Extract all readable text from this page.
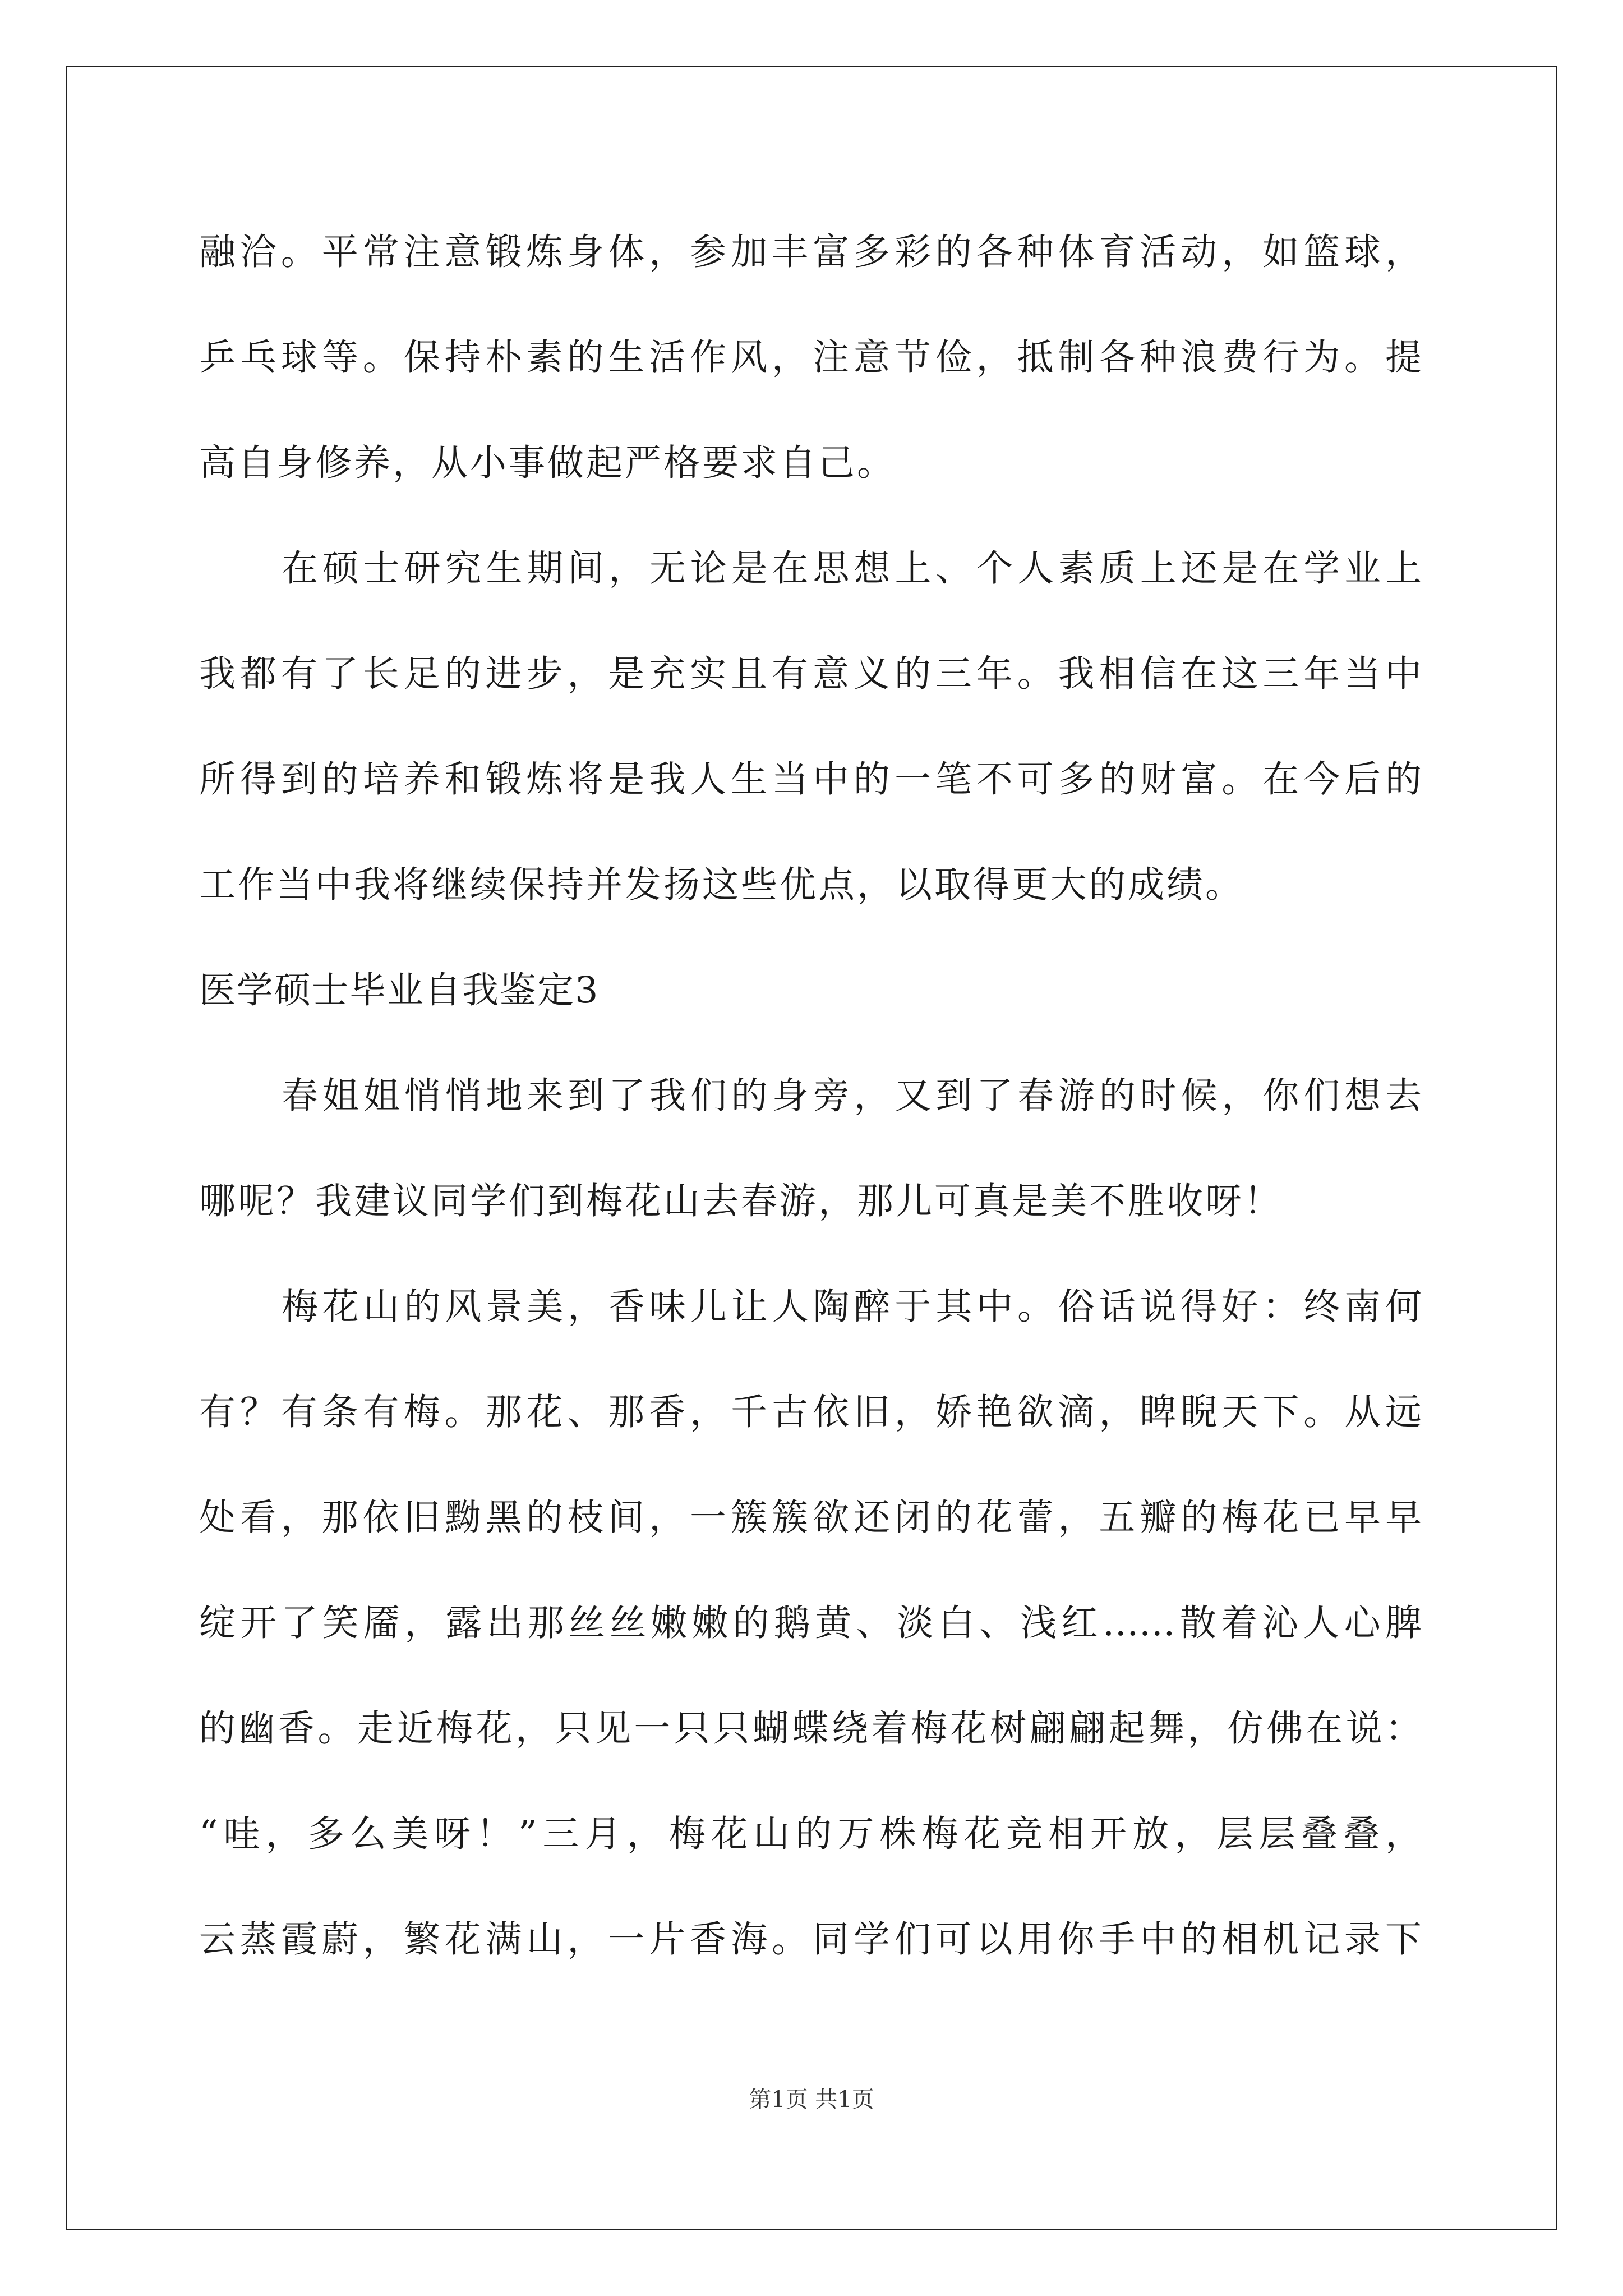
融洽。平常注意锻炼身体，参加丰富多彩的各种体育活动，如篮球，
乒乓球等。保持朴素的生活作风，注意节俭，抵制各种浪费行为。提
高自身修养，从小事做起严格要求自己。
在硕士研究生期间，无论是在思想上、个人素质上还是在学业上
我都有了长足的进步，是充实且有意义的三年。我相信在这三年当中
所得到的培养和锻炼将是我人生当中的一笔不可多的财富。在今后的
工作当中我将继续保持并发扬这些优点，以取得更大的成绩。
医学硕士毕业自我鉴定3
春姐姐悄悄地来到了我们的身旁，又到了春游的时候，你们想去
哪呢？我建议同学们到梅花山去春游，那儿可真是美不胜收呀！
梅花山的风景美，香味儿让人陶醉于其中。俗话说得好：终南何
有？有条有梅。那花、那香，千古依旧，娇艳欲滴，睥睨天下。从远
处看，那依旧黝黑的枝间，一簇簇欲还闭的花蕾，五瓣的梅花已早早
绽开了笑靥，露出那丝丝嫩嫩的鹅黄、淡白、浅红……散着沁人心脾
的幽香。走近梅花，只见一只只蝴蝶绕着梅花树翩翩起舞，仿佛在说：
“哇，多么美呀！”三月，梅花山的万株梅花竞相开放，层层叠叠，
云蒸霞蔚，繁花满山，一片香海。同学们可以用你手中的相机记录下
第1页 共1页
